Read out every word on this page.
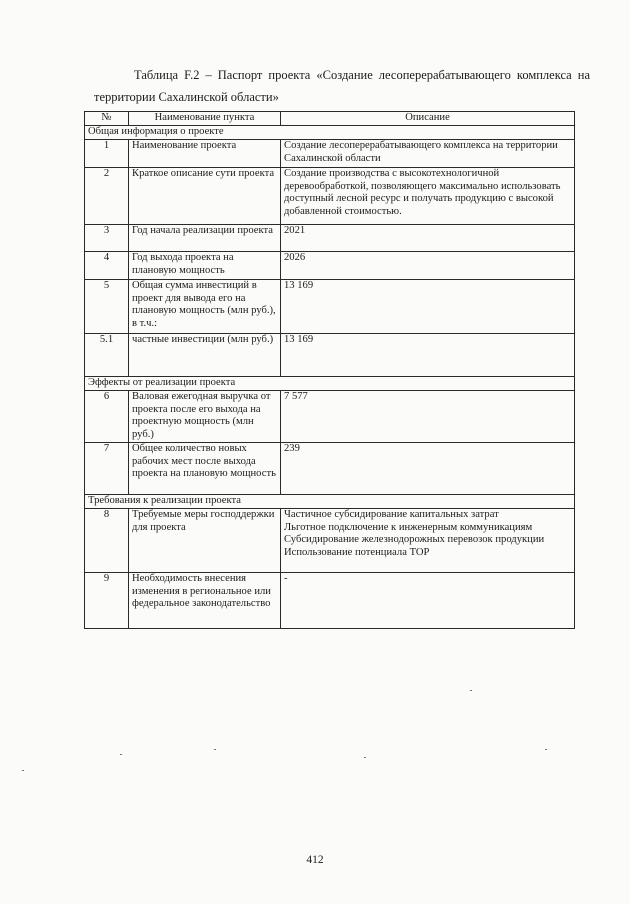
Таблица F.2 – Паспорт проекта «Создание лесоперерабатывающего комплекса на
территории Сахалинской области»
№	Наименование пункта	Описание
Общая информация о проекте		
1	Наименование проекта	Создание лесоперерабатывающего комплекса на территории Сахалинской области
2	Краткое описание сути проекта	Создание производства с высокотехнологичной деревообработкой, позволяющего максимально использовать доступный лесной ресурс и получать продукцию с высокой добавленной стоимостью.
3	Год начала реализации проекта	2021
4	Год выхода проекта на плановую мощность	2026
5	Общая сумма инвестиций в проект для вывода его на плановую мощность (млн руб.), в т.ч.:	13 169
5.1	частные инвестиции (млн руб.)	13 169
Эффекты от реализации проекта		
6	Валовая ежегодная выручка от проекта после его выхода на проектную мощность (млн руб.)	7 577
7	Общее количество новых рабочих мест после выхода проекта на плановую мощность	239
Требования к реализации проекта		
8	Требуемые меры господдержки для проекта	Частичное субсидирование капитальных затрат
Льготное подключение к инженерным коммуникациям
Субсидирование железнодорожных перевозок продукции
Использование потенциала ТОР

9	Необходимость внесения изменения в региональное или федеральное законодательство	-
412
